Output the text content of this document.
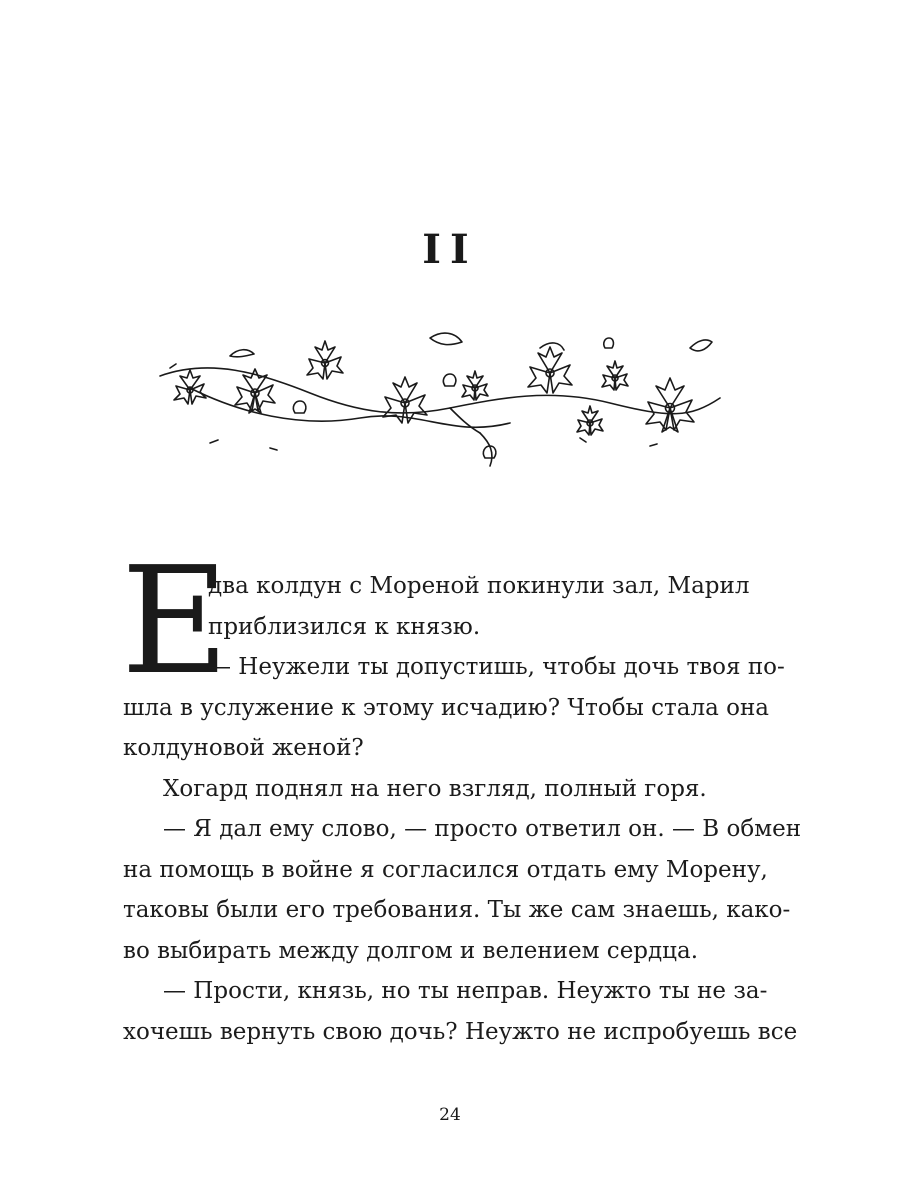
II
Е
два колдун с Мореной покинули зал, Марил
приблизился к князю.
— Неужели ты допустишь, чтобы дочь твоя по-
шла в услужение к этому исчадию? Чтобы стала она
колдуновой женой?
Хогард поднял на него взгляд, полный горя.
— Я дал ему слово, — просто ответил он. — В обмен
на помощь в войне я согласился отдать ему Морену,
таковы были его требования. Ты же сам знаешь, како-
во выбирать между долгом и велением сердца.
— Прости, князь, но ты неправ. Неужто ты не за-
хочешь вернуть свою дочь? Неужто не испробуешь все
24
